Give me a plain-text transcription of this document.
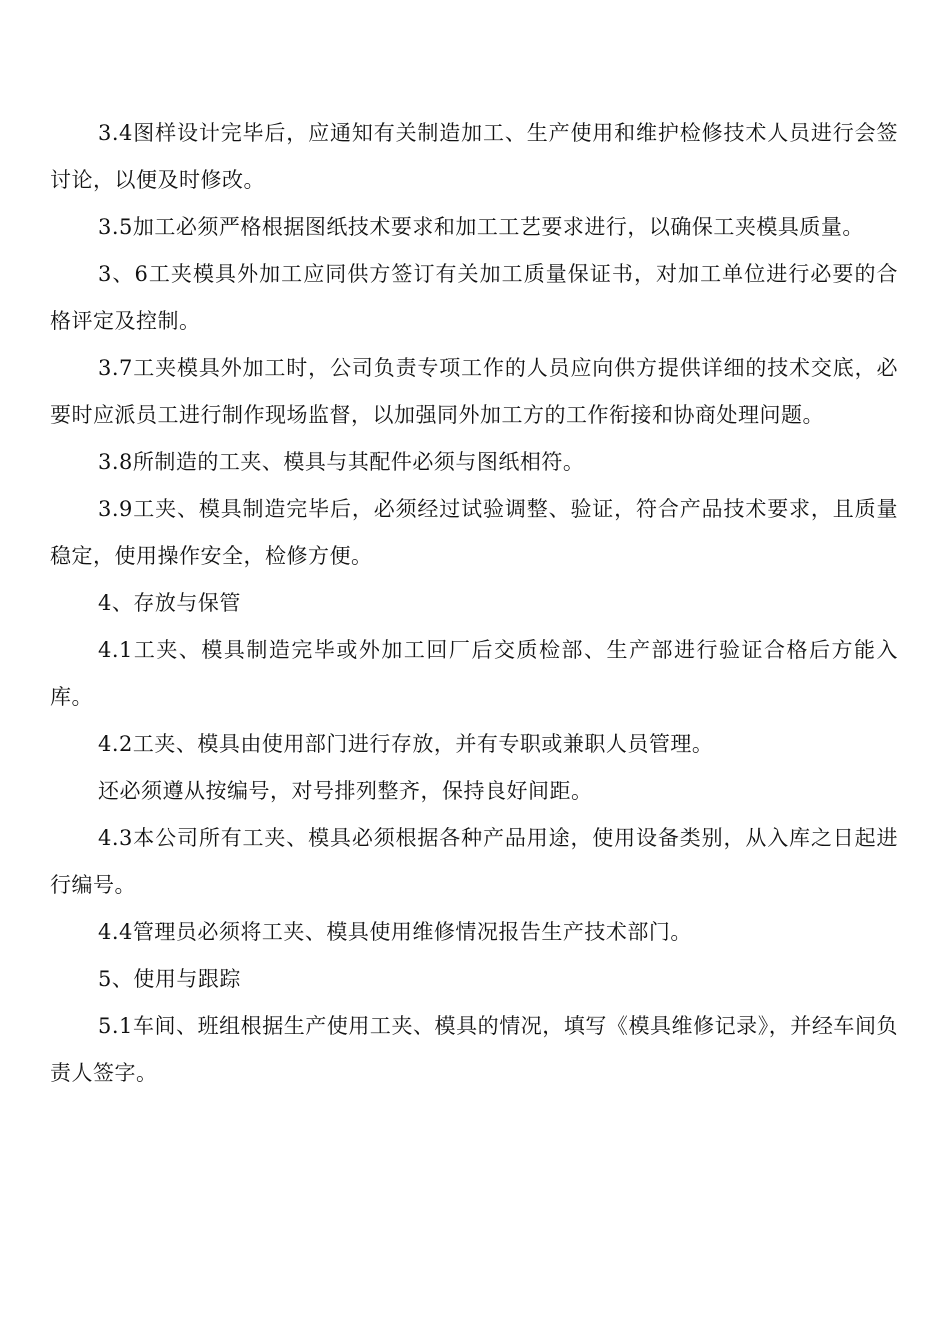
3.4图样设计完毕后，应通知有关制造加工、生产使用和维护检修技术人员进行会签讨论，以便及时修改。

3.5加工必须严格根据图纸技术要求和加工工艺要求进行，以确保工夹模具质量。

3、6工夹模具外加工应同供方签订有关加工质量保证书，对加工单位进行必要的合格评定及控制。

3.7工夹模具外加工时，公司负责专项工作的人员应向供方提供详细的技术交底，必要时应派员工进行制作现场监督，以加强同外加工方的工作衔接和协商处理问题。

3.8所制造的工夹、模具与其配件必须与图纸相符。

3.9工夹、模具制造完毕后，必须经过试验调整、验证，符合产品技术要求，且质量稳定，使用操作安全，检修方便。

4、存放与保管

4.1工夹、模具制造完毕或外加工回厂后交质检部、生产部进行验证合格后方能入库。

4.2工夹、模具由使用部门进行存放，并有专职或兼职人员管理。

还必须遵从按编号，对号排列整齐，保持良好间距。

4.3本公司所有工夹、模具必须根据各种产品用途，使用设备类别，从入库之日起进行编号。

4.4管理员必须将工夹、模具使用维修情况报告生产技术部门。

5、使用与跟踪

5.1车间、班组根据生产使用工夹、模具的情况，填写《模具维修记录》，并经车间负责人签字。
